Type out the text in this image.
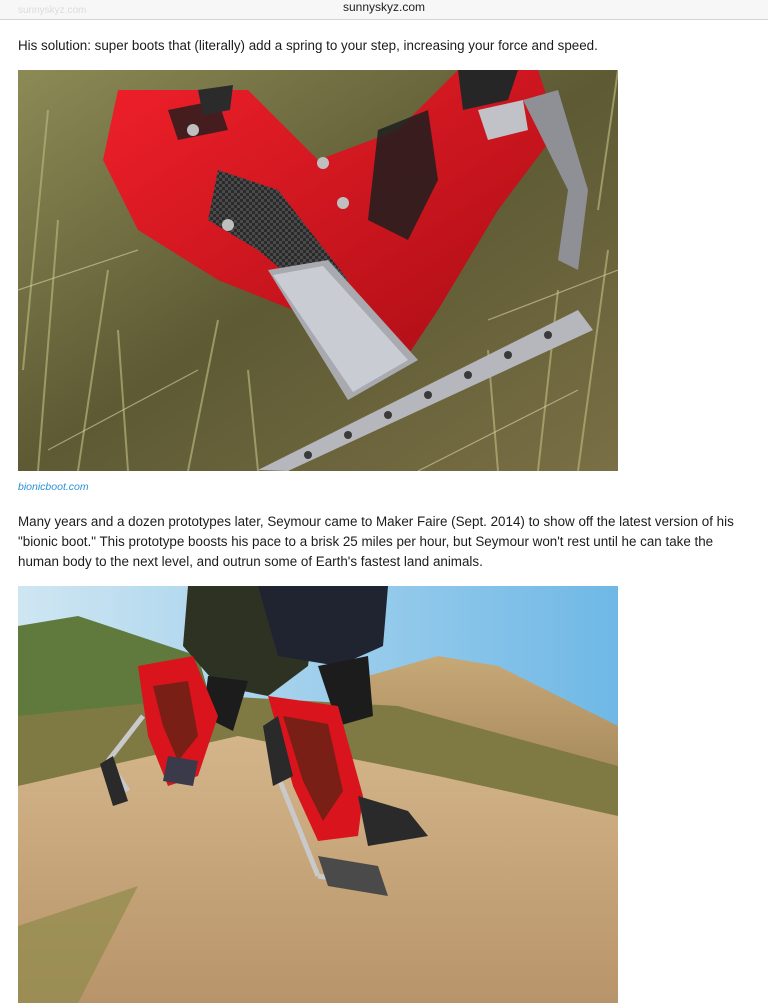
sunnyskyz.com	sunnyskyz.com

His solution: super boots that (literally) add a spring to your step, increasing your force and speed.

bionicboot.com

Many years and a dozen prototypes later, Seymour came to Maker Faire (Sept. 2014) to show off the latest version of his "bionic boot." This prototype boosts his pace to a brisk 25 miles per hour, but Seymour won't rest until he can take the human body to the next level, and outrun some of Earth's fastest land animals.
